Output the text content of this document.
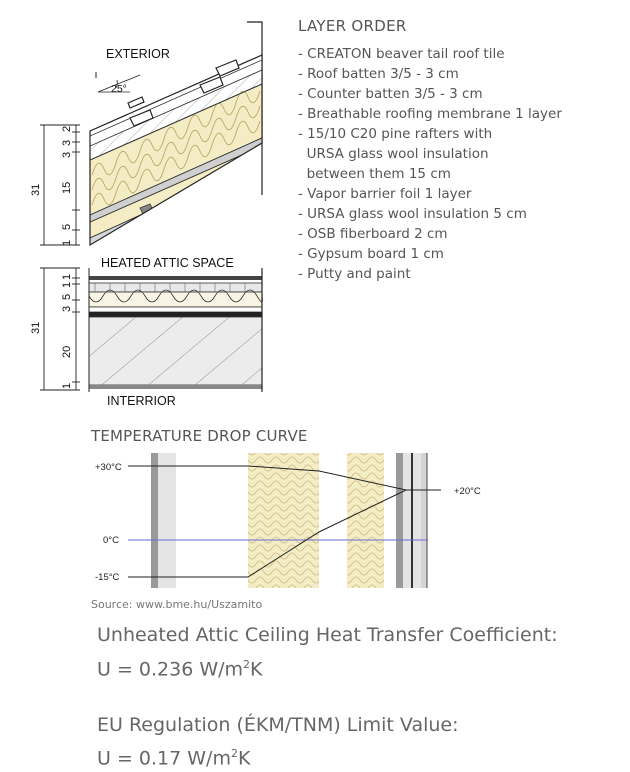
25°
EXTERIOR
HEATED ATTIC SPACE
INTERRIOR
31
31
2
3
3
15
5
1
1
1
5
3
20
1
LAYER ORDER
- CREATON beaver tail roof tile
- Roof batten 3/5 - 3 cm
- Counter batten 3/5 - 3 cm
- Breathable roofing membrane 1 layer
- 15/10 C20 pine rafters with
URSA glass wool insulation
between them 15 cm
- Vapor barrier foil 1 layer
- URSA glass wool insulation 5 cm
- OSB fiberboard 2 cm
- Gypsum board 1 cm
- Putty and paint
TEMPERATURE DROP CURVE
+30°C
0°C
-15°C
+20°C
Source: www.bme.hu/Uszamito
Unheated Attic Ceiling Heat Transfer Coefficient:
U = 0.236 $W/m^2K$
EU Regulation (ÉKM/TNM) Limit Value:
U = 0.17 $W/m^2K$
